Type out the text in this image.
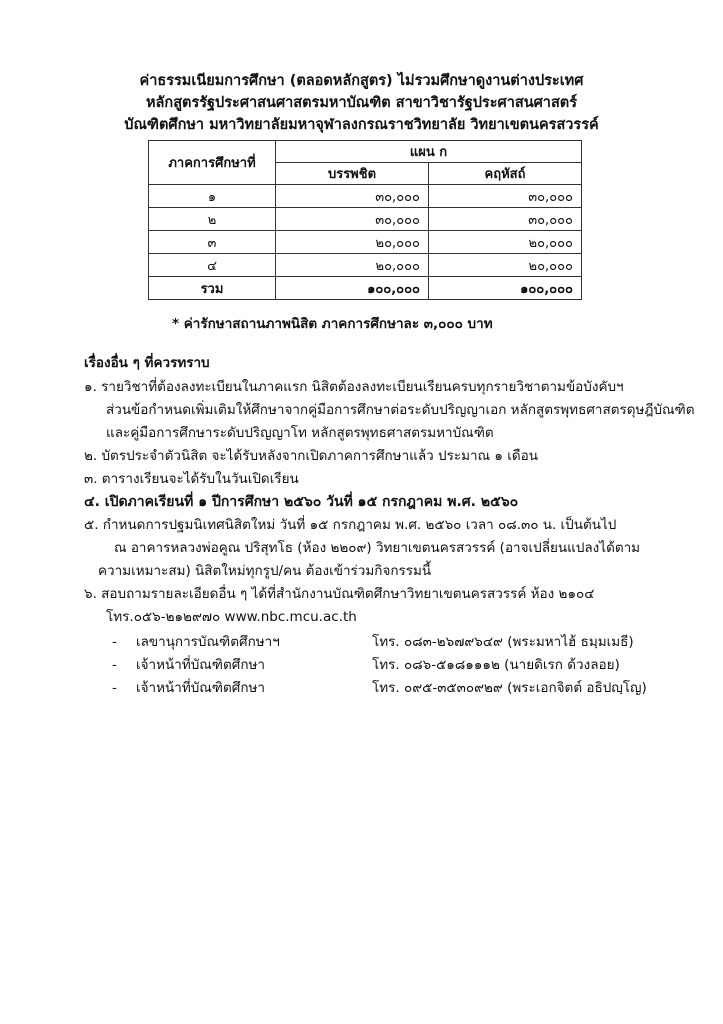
ค่าธรรมเนียมการศึกษา (ตลอดหลักสูตร) ไม่รวมศึกษาดูงานต่างประเทศ
หลักสูตรรัฐประศาสนศาสตรมหาบัณฑิต สาขาวิชารัฐประศาสนศาสตร์
บัณฑิตศึกษา มหาวิทยาลัยมหาจุฬาลงกรณราชวิทยาลัย วิทยาเขตนครสวรรค์
ภาคการศึกษาที่	แผน ก	
	บรรพชิต	คฤหัสถ์
๑	๓๐,๐๐๐	๓๐,๐๐๐
๒	๓๐,๐๐๐	๓๐,๐๐๐
๓	๒๐,๐๐๐	๒๐,๐๐๐
๔	๒๐,๐๐๐	๒๐,๐๐๐
รวม	๑๐๐,๐๐๐	๑๐๐,๐๐๐
* ค่ารักษาสถานภาพนิสิต ภาคการศึกษาละ ๓,๐๐๐ บาท
เรื่องอื่น ๆ ที่ควรทราบ
๑. รายวิชาที่ต้องลงทะเบียนในภาคแรก นิสิตต้องลงทะเบียนเรียนครบทุกรายวิชาตามข้อบังคับฯ
ส่วนข้อกำหนดเพิ่มเติมให้ศึกษาจากคู่มือการศึกษาต่อระดับปริญญาเอก หลักสูตรพุทธศาสตรดุษฎีบัณฑิต
และคู่มือการศึกษาระดับปริญญาโท หลักสูตรพุทธศาสตรมหาบัณฑิต
๒. บัตรประจำตัวนิสิต จะได้รับหลังจากเปิดภาคการศึกษาแล้ว ประมาณ ๑ เดือน
๓. ตารางเรียนจะได้รับในวันเปิดเรียน
๔. เปิดภาคเรียนที่ ๑ ปีการศึกษา ๒๕๖๐ วันที่ ๑๕ กรกฎาคม พ.ศ. ๒๕๖๐
๕. กำหนดการปฐมนิเทศนิสิตใหม่ วันที่ ๑๕ กรกฎาคม พ.ศ. ๒๕๖๐ เวลา ๐๘.๓๐ น. เป็นต้นไป
ณ อาคารหลวงพ่อคูณ ปริสุทโธ (ห้อง ๒๒๐๙) วิทยาเขตนครสวรรค์ (อาจเปลี่ยนแปลงได้ตาม
ความเหมาะสม) นิสิตใหม่ทุกรูป/คน ต้องเข้าร่วมกิจกรรมนี้
๖. สอบถามรายละเอียดอื่น ๆ ได้ที่สำนักงานบัณฑิตศึกษาวิทยาเขตนครสวรรค์ ห้อง ๒๑๐๔
โทร.๐๕๖-๒๑๒๙๗๐ www.nbc.mcu.ac.th
-	เลขานุการบัณฑิตศึกษาฯ	โทร. ๐๘๓-๒๖๗๙๖๔๙ (พระมหาไฮ้ ธมฺมเมธี)
-	เจ้าหน้าที่บัณฑิตศึกษา	โทร. ๐๘๖-๕๑๘๑๑๑๒ (นายดิเรก ด้วงลอย)
-	เจ้าหน้าที่บัณฑิตศึกษา	โทร. ๐๙๕-๓๕๓๐๙๒๙ (พระเอกจิตต์ อธิปญฺโญ)
